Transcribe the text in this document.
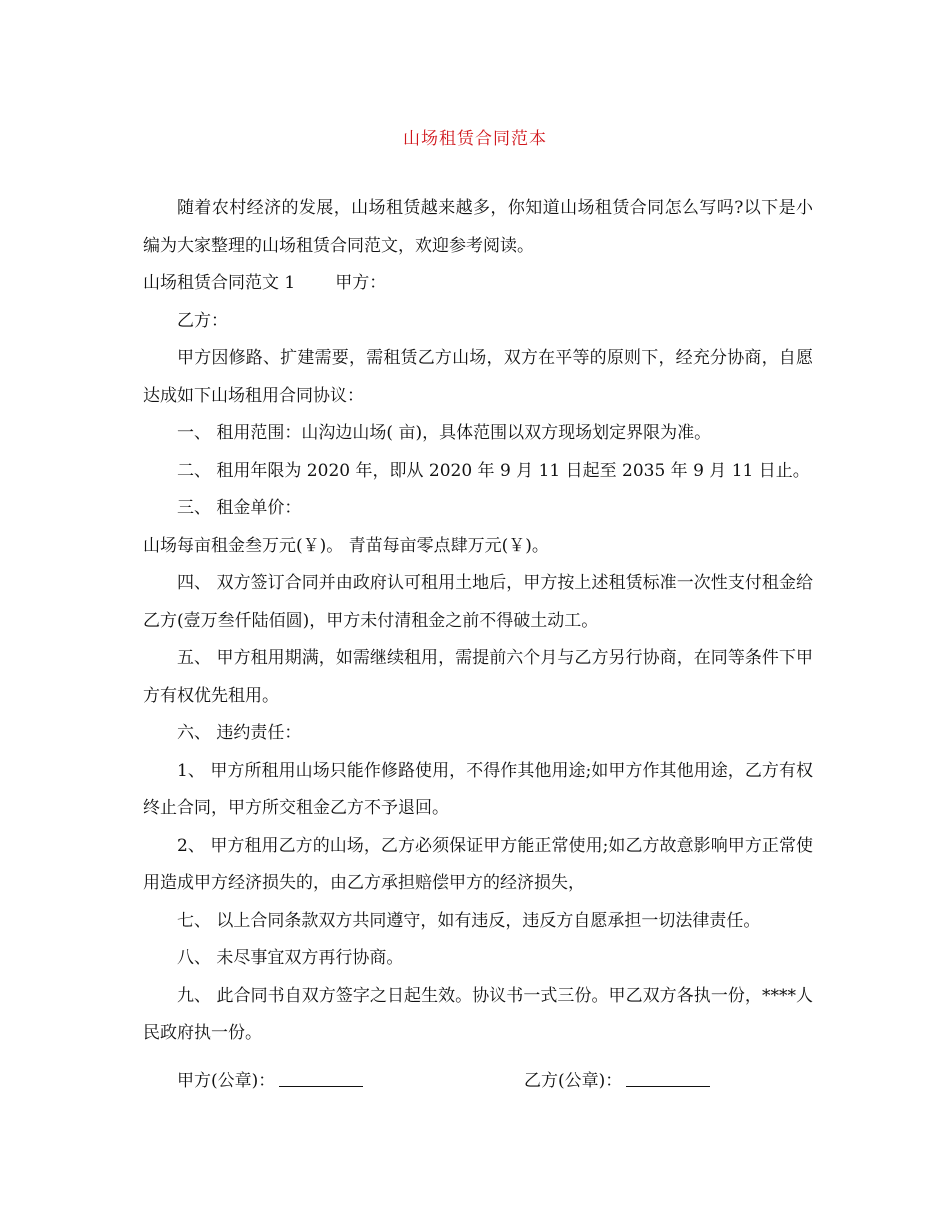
山场租赁合同范本

随着农村经济的发展，山场租赁越来越多，你知道山场租赁合同怎么写吗?以下是小编为大家整理的山场租赁合同范文，欢迎参考阅读。

山场租赁合同范文 1 甲方：

乙方：

甲方因修路、扩建需要，需租赁乙方山场，双方在平等的原则下，经充分协商，自愿达成如下山场租用合同协议：

一、 租用范围：山沟边山场( 亩)，具体范围以双方现场划定界限为准。

二、 租用年限为 2020 年，即从 2020 年 9 月 11 日起至 2035 年 9 月 11 日止。

三、 租金单价：

山场每亩租金叁万元(￥)。 青苗每亩零点肆万元(￥)。

四、 双方签订合同并由政府认可租用土地后，甲方按上述租赁标准一次性支付租金给乙方(壹万叁仟陆佰圆)，甲方未付清租金之前不得破土动工。

五、 甲方租用期满，如需继续租用，需提前六个月与乙方另行协商，在同等条件下甲方有权优先租用。

六、 违约责任：

1、 甲方所租用山场只能作修路使用，不得作其他用途;如甲方作其他用途，乙方有权终止合同，甲方所交租金乙方不予退回。

2、 甲方租用乙方的山场，乙方必须保证甲方能正常使用;如乙方故意影响甲方正常使用造成甲方经济损失的，由乙方承担赔偿甲方的经济损失，

七、 以上合同条款双方共同遵守，如有违反，违反方自愿承担一切法律责任。

八、 未尽事宜双方再行协商。

九、 此合同书自双方签字之日起生效。协议书一式三份。甲乙双方各执一份，****人民政府执一份。

甲方(公章)：	乙方(公章)：
